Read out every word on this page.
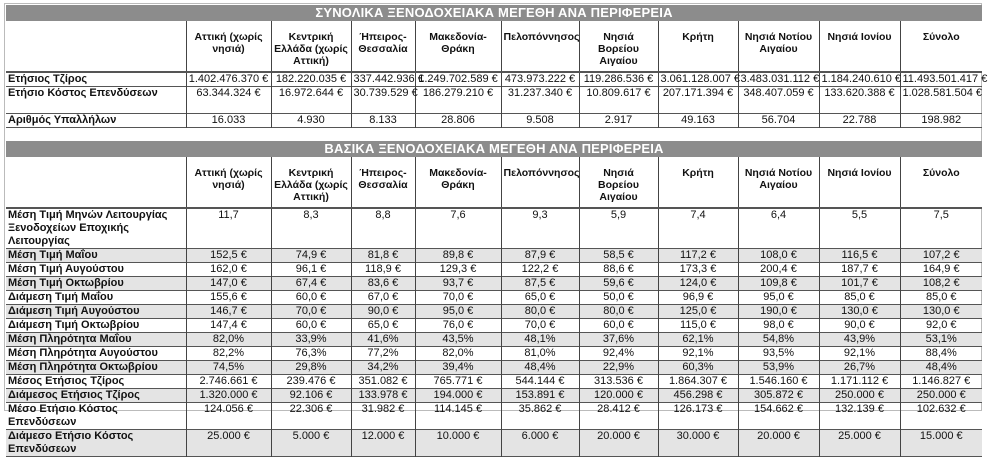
ΣΥΝΟΛΙΚΑ ΞΕΝΟΔΟΧΕΙΑΚΑ ΜΕΓΕΘΗ ΑΝΑ ΠΕΡΙΦΕΡΕΙΑ
	Αττική (χωρίς νησιά)	Κεντρική Ελλάδα (χωρίς Αττική)	Ήπειρος-Θεσσαλία	Μακεδονία-Θράκη	Πελοπόννησος	Νησιά Βορείου Αιγαίου	Κρήτη	Νησιά Νοτίου Αιγαίου	Νησιά Ιονίου	Σύνολο
Ετήσιος Τζίρος	1.402.476.370 €	182.220.035 €	337.442.936 €	1.249.702.589 €	473.973.222 €	119.286.536 €	3.061.128.007 €	3.483.031.112 €	1.184.240.610 €	11.493.501.417 €
Ετήσιο Κόστος Επενδύσεων	63.344.324 €	16.972.644 €	30.739.529 €	186.279.210 €	31.237.340 €	10.809.617 €	207.171.394 €	348.407.059 €	133.620.388 €	1.028.581.504 €
Αριθμός Υπαλλήλων	16.033	4.930	8.133	28.806	9.508	2.917	49.163	56.704	22.788	198.982
ΒΑΣΙΚΑ ΞΕΝΟΔΟΧΕΙΑΚΑ ΜΕΓΕΘΗ ΑΝΑ ΠΕΡΙΦΕΡΕΙΑ
	Αττική (χωρίς νησιά)	Κεντρική Ελλάδα (χωρίς Αττική)	Ήπειρος-Θεσσαλία	Μακεδονία-Θράκη	Πελοπόννησος	Νησιά Βορείου Αιγαίου	Κρήτη	Νησιά Νοτίου Αιγαίου	Νησιά Ιονίου	Σύνολο
Μέση Τιμή Μηνών Λειτουργίας Ξενοδοχείων Εποχικής Λειτουργίας	11,7	8,3	8,8	7,6	9,3	5,9	7,4	6,4	5,5	7,5
Μέση Τιμή Μαΐου	152,5 €	74,9 €	81,8 €	89,8 €	87,9 €	58,5 €	117,2 €	108,0 €	116,5 €	107,2 €
Μέση Τιμή Αυγούστου	162,0 €	96,1 €	118,9 €	129,3 €	122,2 €	88,6 €	173,3 €	200,4 €	187,7 €	164,9 €
Μέση Τιμή Οκτωβρίου	147,0 €	67,4 €	83,6 €	93,7 €	87,5 €	59,6 €	124,0 €	109,8 €	101,7 €	108,2 €
Διάμεση Τιμή Μαΐου	155,6 €	60,0 €	67,0 €	70,0 €	65,0 €	50,0 €	96,9 €	95,0 €	85,0 €	85,0 €
Διάμεση Τιμή Αυγούστου	146,7 €	70,0 €	90,0 €	95,0 €	80,0 €	80,0 €	125,0 €	190,0 €	130,0 €	130,0 €
Διάμεση Τιμή Οκτωβρίου	147,4 €	60,0 €	65,0 €	76,0 €	70,0 €	60,0 €	115,0 €	98,0 €	90,0 €	92,0 €
Μέση Πληρότητα Μαΐου	82,0%	33,9%	41,6%	43,5%	48,1%	37,6%	62,1%	54,8%	43,9%	53,1%
Μέση Πληρότητα Αυγούστου	82,2%	76,3%	77,2%	82,0%	81,0%	92,4%	92,1%	93,5%	92,1%	88,4%
Μέση Πληρότητα Οκτωβρίου	74,5%	29,8%	34,2%	39,4%	48,4%	22,9%	60,3%	53,9%	26,7%	48,4%
Μέσος Ετήσιος Τζίρος	2.746.661 €	239.476 €	351.082 €	765.771 €	544.144 €	313.536 €	1.864.307 €	1.546.160 €	1.171.112 €	1.146.827 €
Διάμεσος Ετήσιος Τζίρος	1.320.000 €	92.106 €	133.978 €	194.000 €	153.891 €	120.000 €	456.298 €	305.872 €	250.000 €	250.000 €
Μέσο Ετήσιο Κόστος Επενδύσεων	124.056 €	22.306 €	31.982 €	114.145 €	35.862 €	28.412 €	126.173 €	154.662 €	132.139 €	102.632 €
Διάμεσο Ετήσιο Κόστος Επενδύσεων	25.000 €	5.000 €	12.000 €	10.000 €	6.000 €	20.000 €	30.000 €	20.000 €	25.000 €	15.000 €
